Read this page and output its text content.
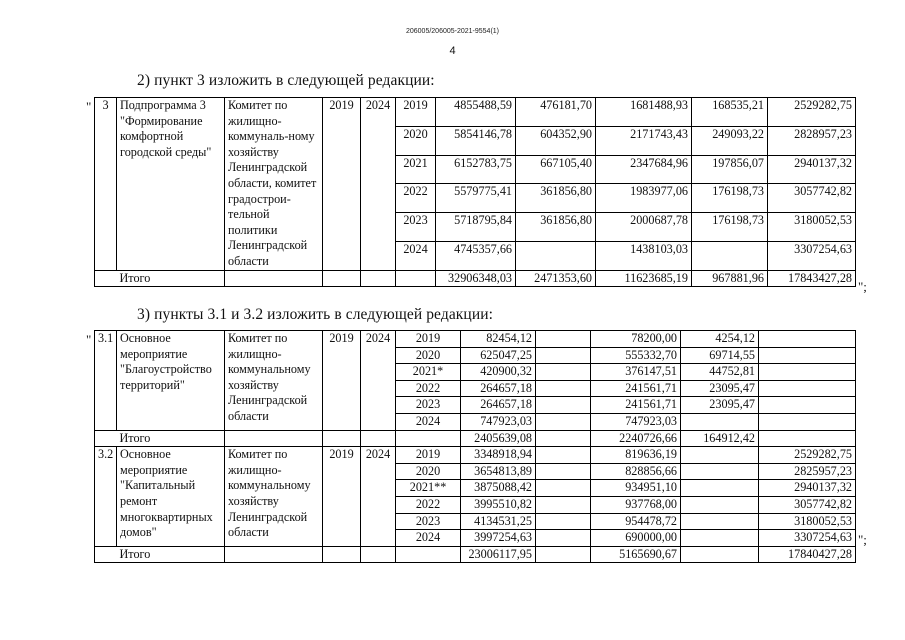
206005/206005-2021-9554(1)
4
2) пункт 3 изложить в следующей редакции:
"
";
3	Подпрограмма 3 "Формирование комфортной городской среды"	Комитет по жилищно-коммуналь-ному хозяйству Ленинградской области, комитет градострои-тельной политики Ленинградской области	2019	2024	2019	4855488,59	476181,70	1681488,93	168535,21	2529282,75
					2020	5854146,78	604352,90	2171743,43	249093,22	2828957,23
					2021	6152783,75	667105,40	2347684,96	197856,07	2940137,32
					2022	5579775,41	361856,80	1983977,06	176198,73	3057742,82
					2023	5718795,84	361856,80	2000687,78	176198,73	3180052,53
					2024	4745357,66		1438103,03		3307254,63
	Итого					32906348,03	2471353,60	11623685,19	967881,96	17843427,28
3) пункты 3.1 и 3.2 изложить в следующей редакции:
"
";
3.1	Основное мероприятие "Благоустройство территорий"	Комитет по жилищно-коммунальному хозяйству Ленинградской области	2019	2024	2019	82454,12		78200,00	4254,12	
					2020	625047,25		555332,70	69714,55	
					2021*	420900,32		376147,51	44752,81	
					2022	264657,18		241561,71	23095,47	
					2023	264657,18		241561,71	23095,47	
					2024	747923,03		747923,03		
	Итого					2405639,08		2240726,66	164912,42	
3.2	Основное мероприятие "Капитальный ремонт многоквартирных домов"	Комитет по жилищно-коммунальному хозяйству Ленинградской области	2019	2024	2019	3348918,94		819636,19		2529282,75
					2020	3654813,89		828856,66		2825957,23
					2021**	3875088,42		934951,10		2940137,32
					2022	3995510,82		937768,00		3057742,82
					2023	4134531,25		954478,72		3180052,53
					2024	3997254,63		690000,00		3307254,63
	Итого					23006117,95		5165690,67		17840427,28
